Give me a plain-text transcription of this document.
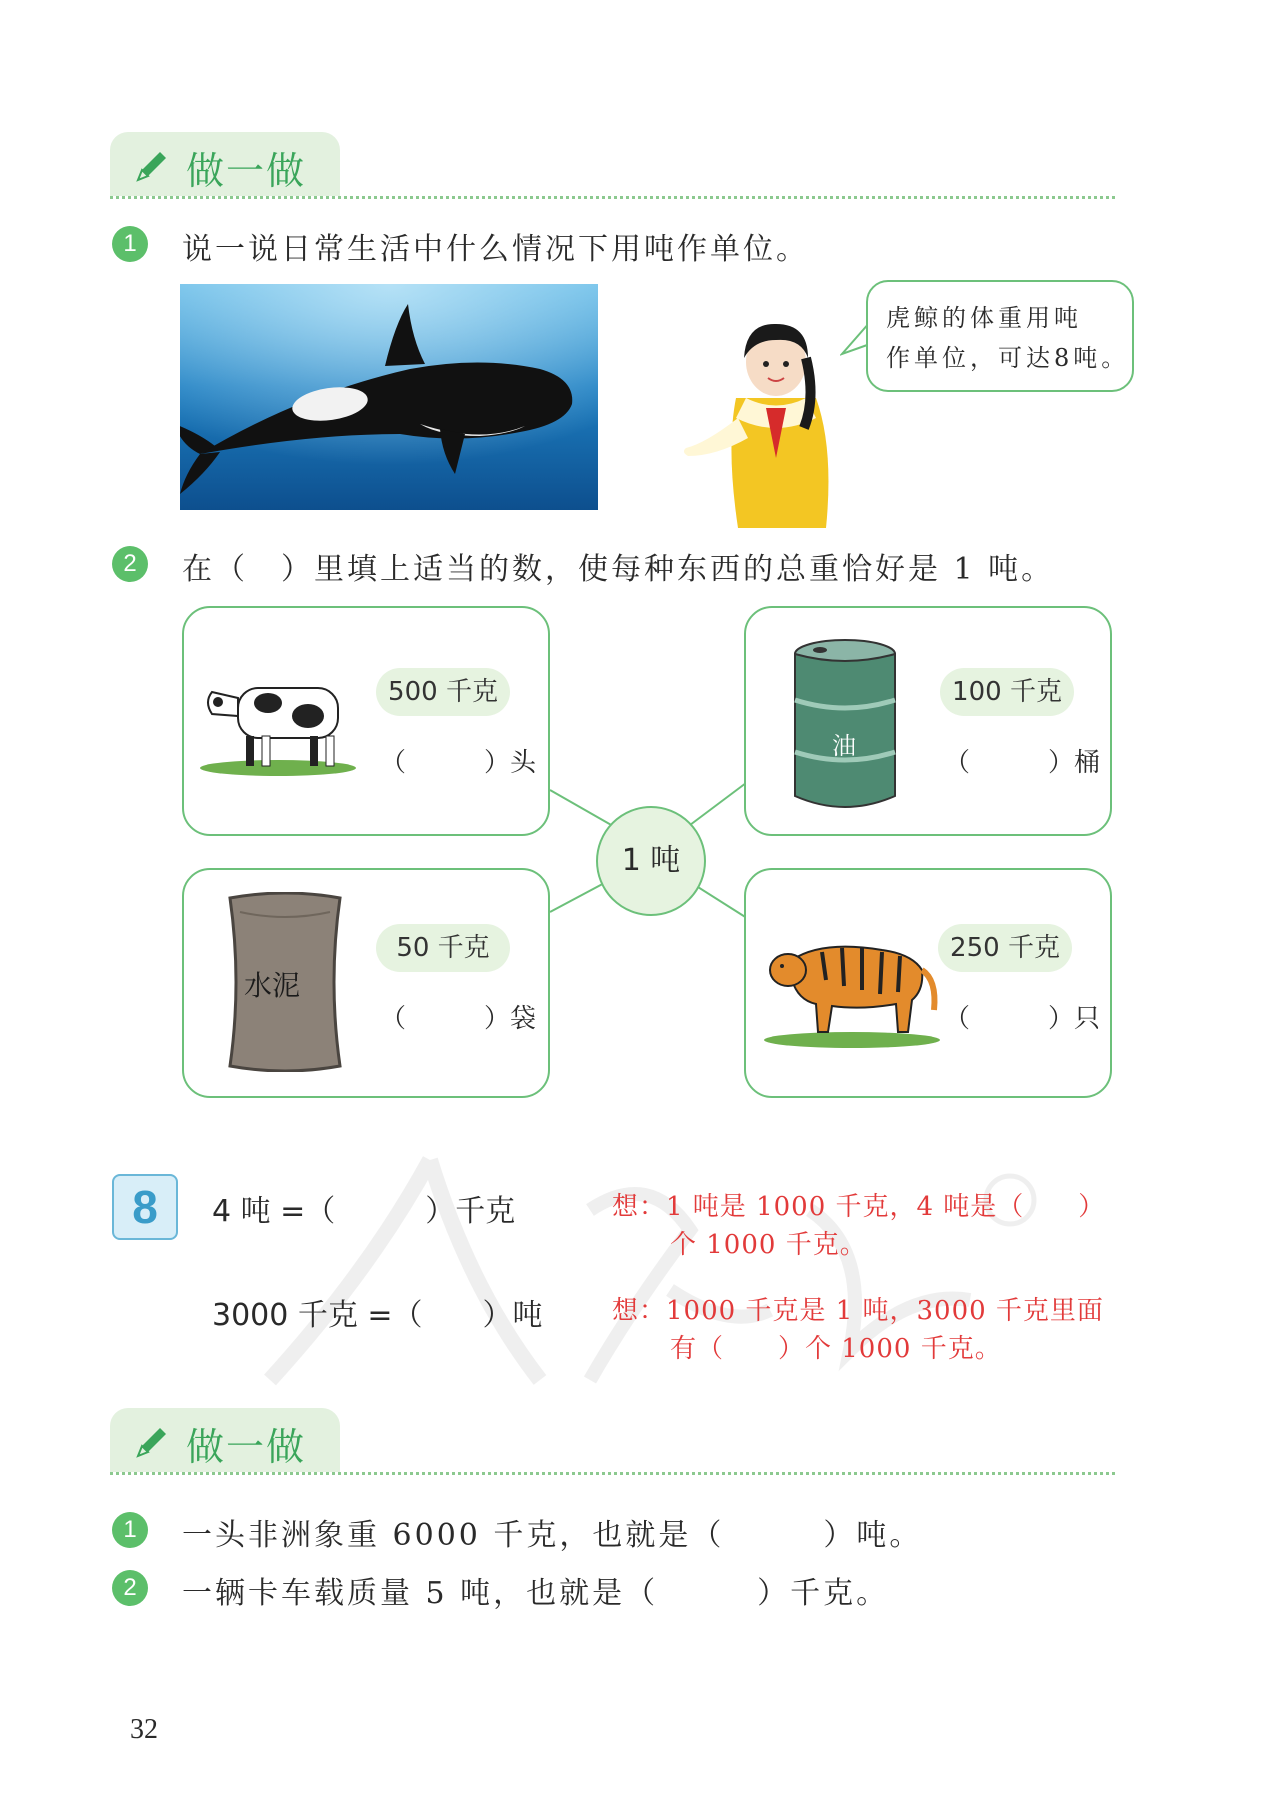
做一做
1	说一说日常生活中什么情况下用吨作单位。
虎鲸的体重用吨
作单位，可达8吨。
2	在（　）里填上适当的数，使每种东西的总重恰好是 1 吨。
500 千克
（　　　）头
油
100 千克
（　　　）桶
1 吨
水泥
50 千克
（　　　）袋
250 千克
（　　　）只
8	4 吨 =（　　　）千克	想：1 吨是 1000 千克，4 吨是（　　）
个 1000 千克。
3000 千克 =（　　）吨	想：1000 千克是 1 吨，3000 千克里面
有（　　）个 1000 千克。
做一做
1	一头非洲象重 6000 千克，也就是（　　　）吨。
2	一辆卡车载质量 5 吨，也就是（　　　）千克。
32
